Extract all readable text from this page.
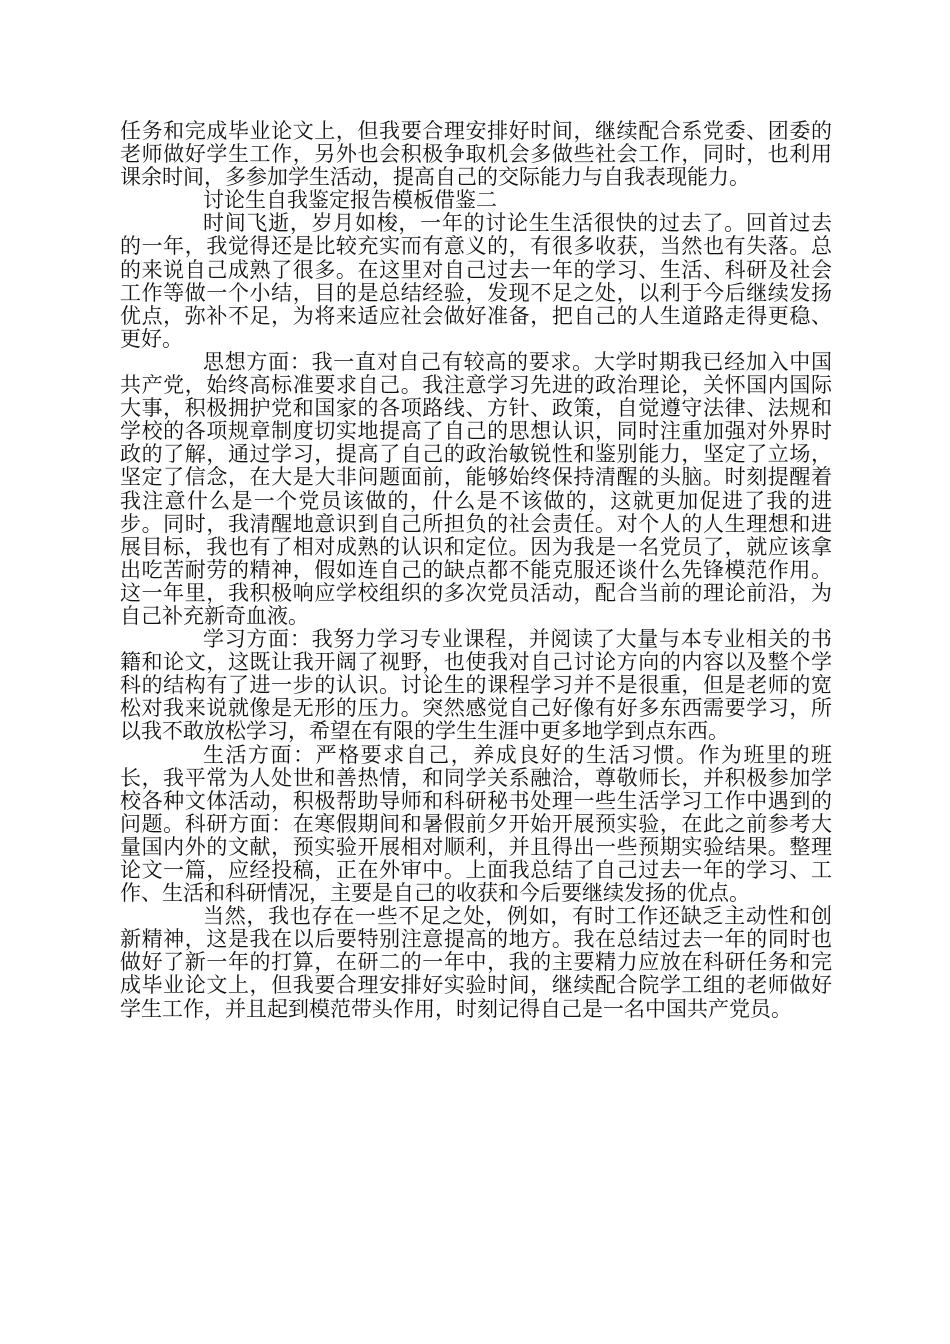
任务和完成毕业论文上，但我要合理安排好时间，继续配合系党委、团委的老师做好学生工作，另外也会积极争取机会多做些社会工作，同时，也利用课余时间，多参加学生活动，提高自己的交际能力与自我表现能力。

讨论生自我鉴定报告模板借鉴二

时间飞逝，岁月如梭，一年的讨论生生活很快的过去了。回首过去的一年，我觉得还是比较充实而有意义的，有很多收获，当然也有失落。总的来说自己成熟了很多。在这里对自己过去一年的学习、生活、科研及社会工作等做一个小结，目的是总结经验，发现不足之处，以利于今后继续发扬优点，弥补不足，为将来适应社会做好准备，把自己的人生道路走得更稳、更好。

思想方面：我一直对自己有较高的要求。大学时期我已经加入中国共产党，始终高标准要求自己。我注意学习先进的政治理论，关怀国内国际大事，积极拥护党和国家的各项路线、方针、政策，自觉遵守法律、法规和学校的各项规章制度切实地提高了自己的思想认识，同时注重加强对外界时政的了解，通过学习，提高了自己的政治敏锐性和鉴别能力，坚定了立场，坚定了信念，在大是大非问题面前，能够始终保持清醒的头脑。时刻提醒着我注意什么是一个党员该做的，什么是不该做的，这就更加促进了我的进步。同时，我清醒地意识到自己所担负的社会责任。对个人的人生理想和进展目标，我也有了相对成熟的认识和定位。因为我是一名党员了，就应该拿出吃苦耐劳的精神，假如连自己的缺点都不能克服还谈什么先锋模范作用。这一年里，我积极响应学校组织的多次党员活动，配合当前的理论前沿，为自己补充新奇血液。

学习方面：我努力学习专业课程，并阅读了大量与本专业相关的书籍和论文，这既让我开阔了视野，也使我对自己讨论方向的内容以及整个学科的结构有了进一步的认识。讨论生的课程学习并不是很重，但是老师的宽松对我来说就像是无形的压力。突然感觉自己好像有好多东西需要学习，所以我不敢放松学习，希望在有限的学生生涯中更多地学到点东西。

生活方面：严格要求自己，养成良好的生活习惯。作为班里的班长，我平常为人处世和善热情，和同学关系融洽，尊敬师长，并积极参加学校各种文体活动，积极帮助导师和科研秘书处理一些生活学习工作中遇到的问题。科研方面：在寒假期间和暑假前夕开始开展预实验，在此之前参考大量国内外的文献，预实验开展相对顺利，并且得出一些预期实验结果。整理论文一篇，应经投稿，正在外审中。上面我总结了自己过去一年的学习、工作、生活和科研情况，主要是自己的收获和今后要继续发扬的优点。

当然，我也存在一些不足之处，例如，有时工作还缺乏主动性和创新精神，这是我在以后要特别注意提高的地方。我在总结过去一年的同时也做好了新一年的打算，在研二的一年中，我的主要精力应放在科研任务和完成毕业论文上，但我要合理安排好实验时间，继续配合院学工组的老师做好学生工作，并且起到模范带头作用，时刻记得自己是一名中国共产党员。
